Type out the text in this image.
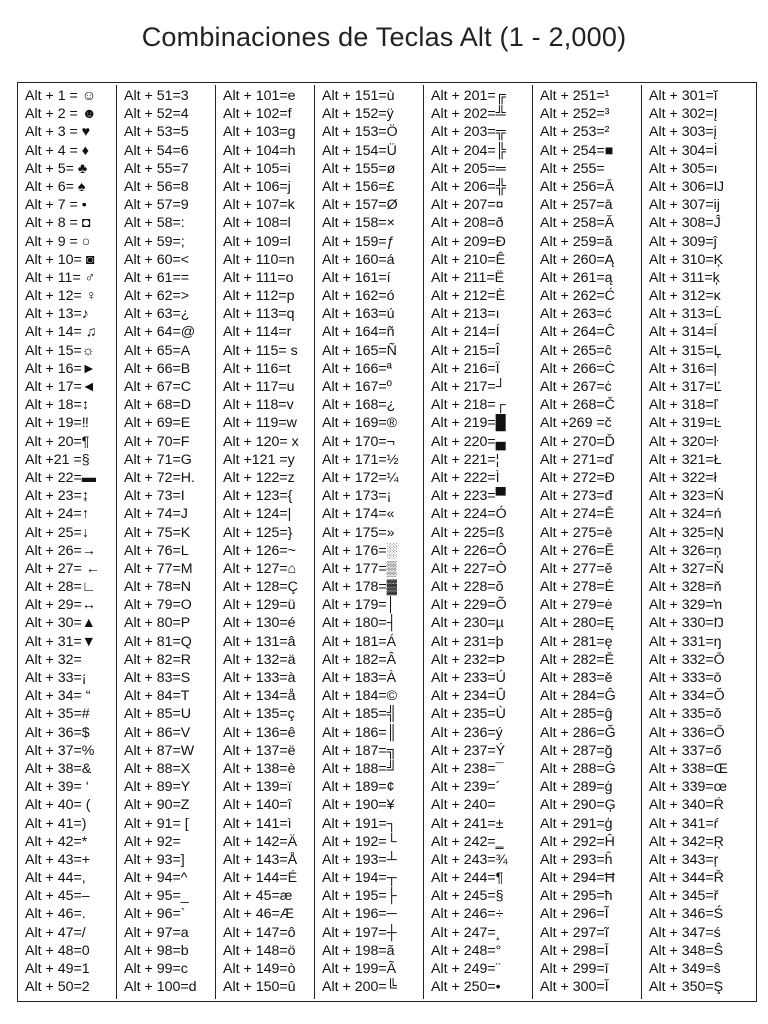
Combinaciones de Teclas Alt (1 - 2,000)
Alt + 1 = ☺
Alt + 2 = ☻
Alt + 3 = ♥
Alt + 4 = ♦
Alt + 5= ♣
Alt + 6= ♠
Alt + 7 = •
Alt + 8 = ◘
Alt + 9 = ○
Alt + 10= ◙
Alt + 11= ♂
Alt + 12= ♀
Alt + 13=♪
Alt + 14= ♫
Alt + 15=☼
Alt + 16=►
Alt + 17=◄
Alt + 18=↕
Alt + 19=‼
Alt + 20=¶
Alt +21 =§
Alt + 22=▬
Alt + 23=↨
Alt + 24=↑
Alt + 25=↓
Alt + 26=→
Alt + 27= ←
Alt + 28=∟
Alt + 29=↔
Alt + 30=▲
Alt + 31=▼
Alt + 32=
Alt + 33=¡
Alt + 34= “
Alt + 35=#
Alt + 36=$
Alt + 37=%
Alt + 38=&
Alt + 39= ‘
Alt + 40= (
Alt + 41=)
Alt + 42=*
Alt + 43=+
Alt + 44=,
Alt + 45=–
Alt + 46=.
Alt + 47=/
Alt + 48=0
Alt + 49=1
Alt + 50=2
Alt + 51=3
Alt + 52=4
Alt + 53=5
Alt + 54=6
Alt + 55=7
Alt + 56=8
Alt + 57=9
Alt + 58=:
Alt + 59=;
Alt + 60=<
Alt + 61==
Alt + 62=>
Alt + 63=¿
Alt + 64=@
Alt + 65=A
Alt + 66=B
Alt + 67=C
Alt + 68=D
Alt + 69=E
Alt + 70=F
Alt + 71=G
Alt + 72=H.
Alt + 73=I
Alt + 74=J
Alt + 75=K
Alt + 76=L
Alt + 77=M
Alt + 78=N
Alt + 79=O
Alt + 80=P
Alt + 81=Q
Alt + 82=R
Alt + 83=S
Alt + 84=T
Alt + 85=U
Alt + 86=V
Alt + 87=W
Alt + 88=X
Alt + 89=Y
Alt + 90=Z
Alt + 91= [
Alt + 92=
Alt + 93=]
Alt + 94=^
Alt + 95=_
Alt + 96=`
Alt + 97=a
Alt + 98=b
Alt + 99=c
Alt + 100=d
Alt + 101=e
Alt + 102=f
Alt + 103=g
Alt + 104=h
Alt + 105=i
Alt + 106=j
Alt + 107=k
Alt + 108=l
Alt + 109=l
Alt + 110=n
Alt + 111=o
Alt + 112=p
Alt + 113=q
Alt + 114=r
Alt + 115= s
Alt + 116=t
Alt + 117=u
Alt + 118=v
Alt + 119=w
Alt + 120= x
Alt +121 =y
Alt + 122=z
Alt + 123={
Alt + 124=|
Alt + 125=}
Alt + 126=~
Alt + 127=⌂
Alt + 128=Ç
Alt + 129=ü
Alt + 130=é
Alt + 131=â
Alt + 132=ä
Alt + 133=à
Alt + 134=å
Alt + 135=ç
Alt + 136=ê
Alt + 137=ë
Alt + 138=è
Alt + 139=ï
Alt + 140=î
Alt + 141=ì
Alt + 142=Ä
Alt + 143=Å
Alt + 144=É
Alt + 45=æ
Alt + 46=Æ
Alt + 147=ô
Alt + 148=ö
Alt + 149=ò
Alt + 150=û
Alt + 151=ù
Alt + 152=ÿ
Alt + 153=Ö
Alt + 154=Ü
Alt + 155=ø
Alt + 156=£
Alt + 157=Ø
Alt + 158=×
Alt + 159=ƒ
Alt + 160=á
Alt + 161=í
Alt + 162=ó
Alt + 163=ú
Alt + 164=ñ
Alt + 165=Ñ
Alt + 166=ª
Alt + 167=º
Alt + 168=¿
Alt + 169=®
Alt + 170=¬
Alt + 171=½
Alt + 172=¼
Alt + 173=¡
Alt + 174=«
Alt + 175=»
Alt + 176=░
Alt + 177=▒
Alt + 178=▓
Alt + 179=│
Alt + 180=┤
Alt + 181=Á
Alt + 182=Â
Alt + 183=À
Alt + 184=©
Alt + 185=╣
Alt + 186=║
Alt + 187=╗
Alt + 188=╝
Alt + 189=¢
Alt + 190=¥
Alt + 191=┐
Alt + 192=└
Alt + 193=┴
Alt + 194=┬
Alt + 195=├
Alt + 196=─
Alt + 197=┼
Alt + 198=ã
Alt + 199=Ã
Alt + 200=╚
Alt + 201=╔
Alt + 202=╩
Alt + 203=╦
Alt + 204=╠
Alt + 205=═
Alt + 206=╬
Alt + 207=¤
Alt + 208=ð
Alt + 209=Ð
Alt + 210=Ê
Alt + 211=Ë
Alt + 212=È
Alt + 213=ı
Alt + 214=Í
Alt + 215=Î
Alt + 216=Ï
Alt + 217=┘
Alt + 218=┌
Alt + 219=█
Alt + 220=▄
Alt + 221=¦
Alt + 222=Ì
Alt + 223=▀
Alt + 224=Ó
Alt + 225=ß
Alt + 226=Ô
Alt + 227=Ò
Alt + 228=õ
Alt + 229=Õ
Alt + 230=µ
Alt + 231=þ
Alt + 232=Þ
Alt + 233=Ú
Alt + 234=Û
Alt + 235=Ù
Alt + 236=ý
Alt + 237=Ý
Alt + 238=¯
Alt + 239=´
Alt + 240=
Alt + 241=±
Alt + 242=‗
Alt + 243=¾
Alt + 244=¶
Alt + 245=§
Alt + 246=÷
Alt + 247=¸
Alt + 248=°
Alt + 249=¨
Alt + 250=•
Alt + 251=¹
Alt + 252=³
Alt + 253=²
Alt + 254=■
Alt + 255=
Alt + 256=Ā
Alt + 257=ā
Alt + 258=Ă
Alt + 259=ă
Alt + 260=Ą
Alt + 261=ą
Alt + 262=Ć
Alt + 263=ć
Alt + 264=Ĉ
Alt + 265=ĉ
Alt + 266=Ċ
Alt + 267=ċ
Alt + 268=Č
Alt +269 =č
Alt + 270=Ď
Alt + 271=ď
Alt + 272=Đ
Alt + 273=đ
Alt + 274=Ē
Alt + 275=ē
Alt + 276=Ĕ
Alt + 277=ĕ
Alt + 278=Ė
Alt + 279=ė
Alt + 280=Ę
Alt + 281=ę
Alt + 282=Ě
Alt + 283=ě
Alt + 284=Ĝ
Alt + 285=ĝ
Alt + 286=Ğ
Alt + 287=ğ
Alt + 288=Ġ
Alt + 289=ġ
Alt + 290=Ģ
Alt + 291=ģ
Alt + 292=Ĥ
Alt + 293=ĥ
Alt + 294=Ħ
Alt + 295=ħ
Alt + 296=Ĩ
Alt + 297=ĩ
Alt + 298=Ī
Alt + 299=ī
Alt + 300=Ĭ
Alt + 301=ĭ
Alt + 302=Į
Alt + 303=į
Alt + 304=İ
Alt + 305=ı
Alt + 306=Ĳ
Alt + 307=ĳ
Alt + 308=Ĵ
Alt + 309=ĵ
Alt + 310=Ķ
Alt + 311=ķ
Alt + 312=ĸ
Alt + 313=Ĺ
Alt + 314=ĺ
Alt + 315=Ļ
Alt + 316=ļ
Alt + 317=Ľ
Alt + 318=ľ
Alt + 319=Ŀ
Alt + 320=ŀ
Alt + 321=Ł
Alt + 322=ł
Alt + 323=Ń
Alt + 324=ń
Alt + 325=Ņ
Alt + 326=ņ
Alt + 327=Ň
Alt + 328=ň
Alt + 329=ŉ
Alt + 330=Ŋ
Alt + 331=ŋ
Alt + 332=Ō
Alt + 333=ō
Alt + 334=Ŏ
Alt + 335=ŏ
Alt + 336=Ő
Alt + 337=ő
Alt + 338=Œ
Alt + 339=œ
Alt + 340=Ŕ
Alt + 341=ŕ
Alt + 342=Ŗ
Alt + 343=ŗ
Alt + 344=Ř
Alt + 345=ř
Alt + 346=Ś
Alt + 347=ś
Alt + 348=Ŝ
Alt + 349=ŝ
Alt + 350=Ş
